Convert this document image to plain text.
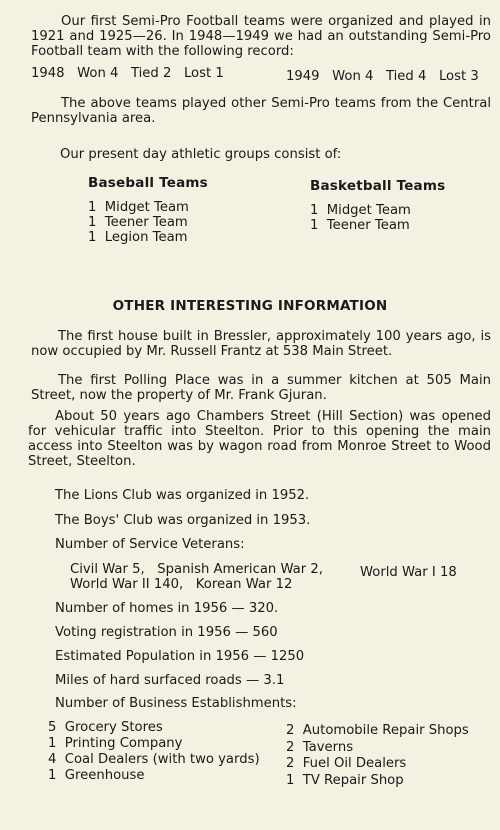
Our first Semi-Pro Football teams were organized and played in 1921 and 1925—26. In 1948—1949 we had an outstanding Semi-Pro Football team with the following record:

1948   Won 4   Tied 2   Lost 1	1949   Won 4   Tied 4   Lost 3

The above teams played other Semi-Pro teams from the Central Pennsylvania area.

Our present day athletic groups consist of:

Baseball Teams
1  Midget Team
1  Teener Team
1  Legion Team
Basketball Teams
1  Midget Team
1  Teener Team
OTHER INTERESTING INFORMATION

The first house built in Bressler, approximately 100 years ago, is now occupied by Mr. Russell Frantz at 538 Main Street.

The first Polling Place was in a summer kitchen at 505 Main Street, now the property of Mr. Frank Gjuran.

About 50 years ago Chambers Street (Hill Section) was opened for vehicular traffic into Steelton. Prior to this opening the main access into Steelton was by wagon road from Monroe Street to Wood Street, Steelton.

The Lions Club was organized in 1952.

The Boys' Club was organized in 1953.

Number of Service Veterans:

Civil War 5,   Spanish American War 2,	World War I 18

World War II 140,   Korean War 12

Number of homes in 1956 — 320.

Voting registration in 1956 — 560

Estimated Population in 1956 — 1250

Miles of hard surfaced roads — 3.1

Number of Business Establishments:

5  Grocery Stores
1  Printing Company
4  Coal Dealers (with two yards)
1  Greenhouse
2  Automobile Repair Shops
2  Taverns
2  Fuel Oil Dealers
1  TV Repair Shop
